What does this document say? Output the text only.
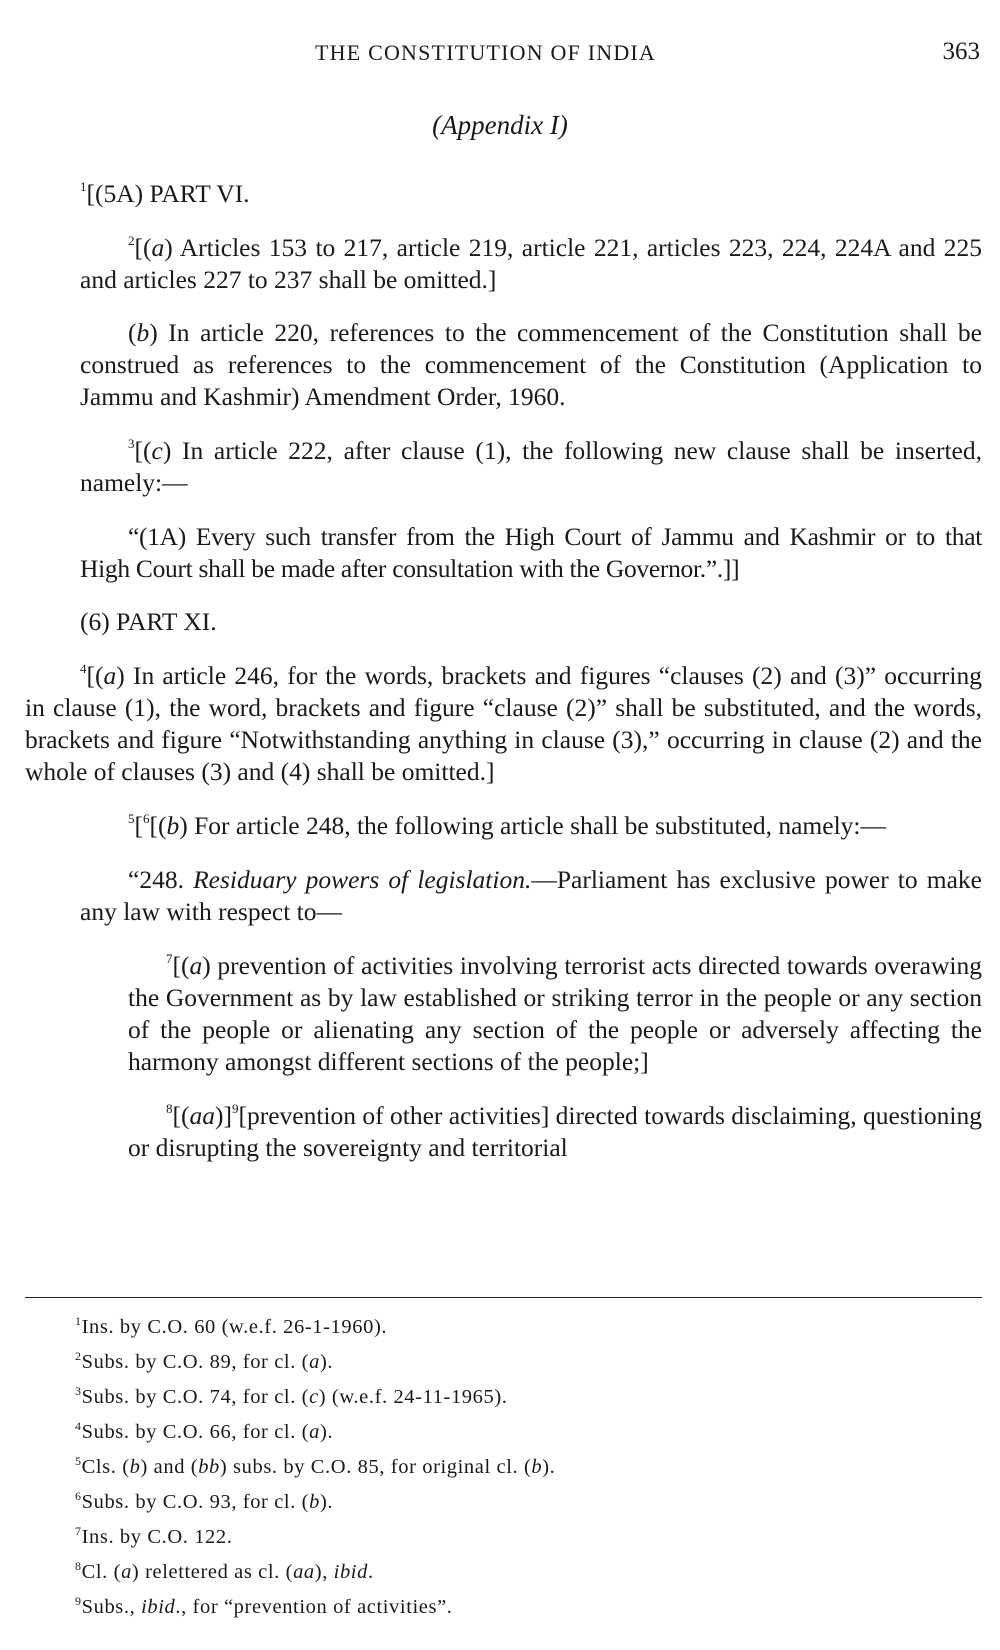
THE CONSTITUTION OF INDIA	363
(Appendix I)

$^1$[(5A) PART VI.

$^2$[(a) Articles 153 to 217, article 219, article 221, articles 223, 224, 224A and 225 and articles 227 to 237 shall be omitted.]

(b) In article 220, references to the commencement of the Constitution shall be construed as references to the commencement of the Constitution (Application to Jammu and Kashmir) Amendment Order, 1960.

$^3$[(c) In article 222, after clause (1), the following new clause shall be inserted, namely:—

“(1A) Every such transfer from the High Court of Jammu and Kashmir or to that High Court shall be made after consultation with the Governor.”.]]

(6) PART XI.

$^4$[(a) In article 246, for the words, brackets and figures “clauses (2) and (3)” occurring in clause (1), the word, brackets and figure “clause (2)” shall be substituted, and the words, brackets and figure “Notwithstanding anything in clause (3),” occurring in clause (2) and the whole of clauses (3) and (4) shall be omitted.]

$^5$[$^6$[(b) For article 248, the following article shall be substituted, namely:—

“248. Residuary powers of legislation.—Parliament has exclusive power to make any law with respect to—

$^7$[(a) prevention of activities involving terrorist acts directed towards overawing the Government as by law established or striking terror in the people or any section of the people or alienating any section of the people or adversely affecting the harmony amongst different sections of the people;]

$^8[(aa)]^9[prevention$ of other activities] directed towards disclaiming, questioning or disrupting the sovereignty and territorial

$^1$Ins. by C.O. 60 (w.e.f. 26-1-1960).
$^2$Subs. by C.O. 89, for cl. (a).
$^3$Subs. by C.O. 74, for cl. (c) (w.e.f. 24-11-1965).
$^4$Subs. by C.O. 66, for cl. (a).
$^5$Cls. (b) and (bb) subs. by C.O. 85, for original cl. (b).
$^6$Subs. by C.O. 93, for cl. (b).
$^7$Ins. by C.O. 122.
$^8$Cl. (a) relettered as cl. (aa), ibid.
$^9$Subs., ibid., for “prevention of activities”.
